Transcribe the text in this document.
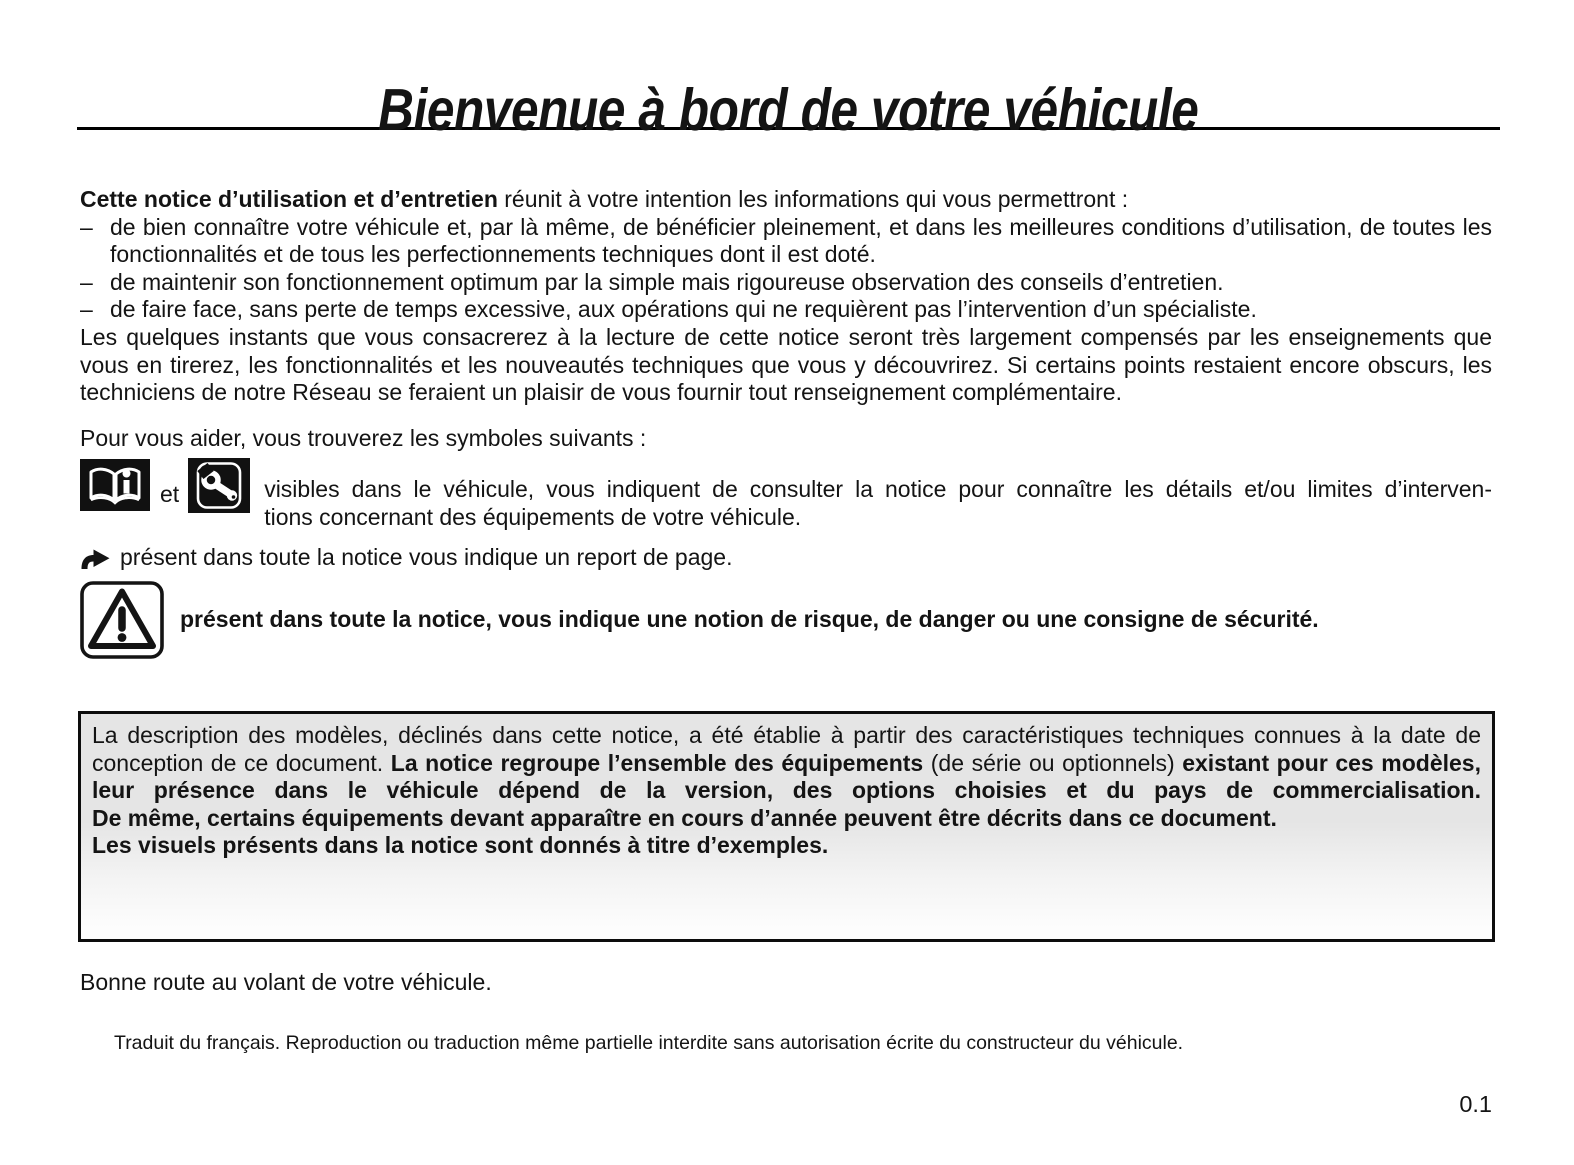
Bienvenue à bord de votre véhicule
Cette notice d’utilisation et d’entretien réunit à votre intention les informations qui vous permettront :
– de bien connaître votre véhicule et, par là même, de bénéficier pleinement, et dans les meilleures conditions d’utilisation, de toutes les fonctionnalités et de tous les perfectionnements techniques dont il est doté.
– de maintenir son fonctionnement optimum par la simple mais rigoureuse observation des conseils d’entretien.
– de faire face, sans perte de temps excessive, aux opérations qui ne requièrent pas l’intervention d’un spécialiste.
Les quelques instants que vous consacrerez à la lecture de cette notice seront très largement compensés par les enseignements que vous en tirerez, les fonctionnalités et les nouveautés techniques que vous y découvrirez. Si certains points restaient encore obscurs, les techniciens de notre Réseau se feraient un plaisir de vous fournir tout renseignement complémentaire.
Pour vous aider, vous trouverez les symboles suivants :
et	visibles dans le véhicule, vous indiquent de consulter la notice pour connaître les détails et/ou limites d’interven-
tions concernant des équipements de votre véhicule.
présent dans toute la notice vous indique un report de page.
présent dans toute la notice, vous indique une notion de risque, de danger ou une consigne de sécurité.
La description des modèles, déclinés dans cette notice, a été établie à partir des caractéristiques techniques connues à la date de conception de ce document. La notice regroupe l’ensemble des équipements (de série ou optionnels) existant pour ces modèles, leur présence dans le véhicule dépend de la version, des options choisies et du pays de commercialisation.
De même, certains équipements devant apparaître en cours d’année peuvent être décrits dans ce document.
Les visuels présents dans la notice sont donnés à titre d’exemples.
Bonne route au volant de votre véhicule.
Traduit du français. Reproduction ou traduction même partielle interdite sans autorisation écrite du constructeur du véhicule.
0.1
